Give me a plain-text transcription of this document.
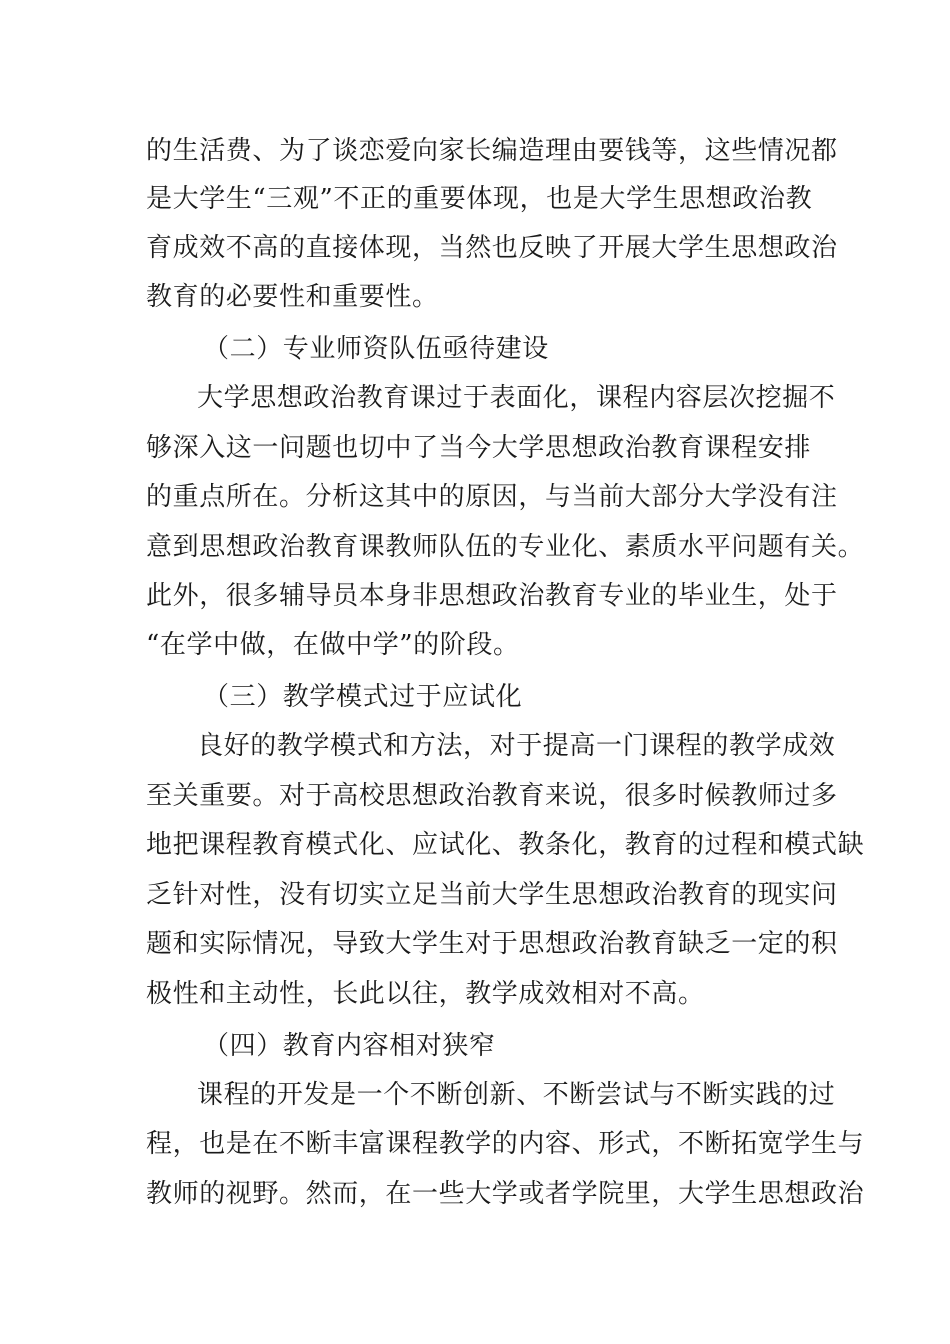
的生活费、为了谈恋爱向家长编造理由要钱等，这些情况都

是大学生“三观”不正的重要体现，也是大学生思想政治教

育成效不高的直接体现，当然也反映了开展大学生思想政治

教育的必要性和重要性。

（二）专业师资队伍亟待建设

大学思想政治教育课过于表面化，课程内容层次挖掘不

够深入这一问题也切中了当今大学思想政治教育课程安排

的重点所在。分析这其中的原因，与当前大部分大学没有注

意到思想政治教育课教师队伍的专业化、素质水平问题有关。

此外，很多辅导员本身非思想政治教育专业的毕业生，处于

“在学中做，在做中学”的阶段。

（三）教学模式过于应试化

良好的教学模式和方法，对于提高一门课程的教学成效

至关重要。对于高校思想政治教育来说，很多时候教师过多

地把课程教育模式化、应试化、教条化，教育的过程和模式缺

乏针对性，没有切实立足当前大学生思想政治教育的现实问

题和实际情况，导致大学生对于思想政治教育缺乏一定的积

极性和主动性，长此以往，教学成效相对不高。

（四）教育内容相对狭窄

课程的开发是一个不断创新、不断尝试与不断实践的过

程，也是在不断丰富课程教学的内容、形式，不断拓宽学生与

教师的视野。然而，在一些大学或者学院里，大学生思想政治
